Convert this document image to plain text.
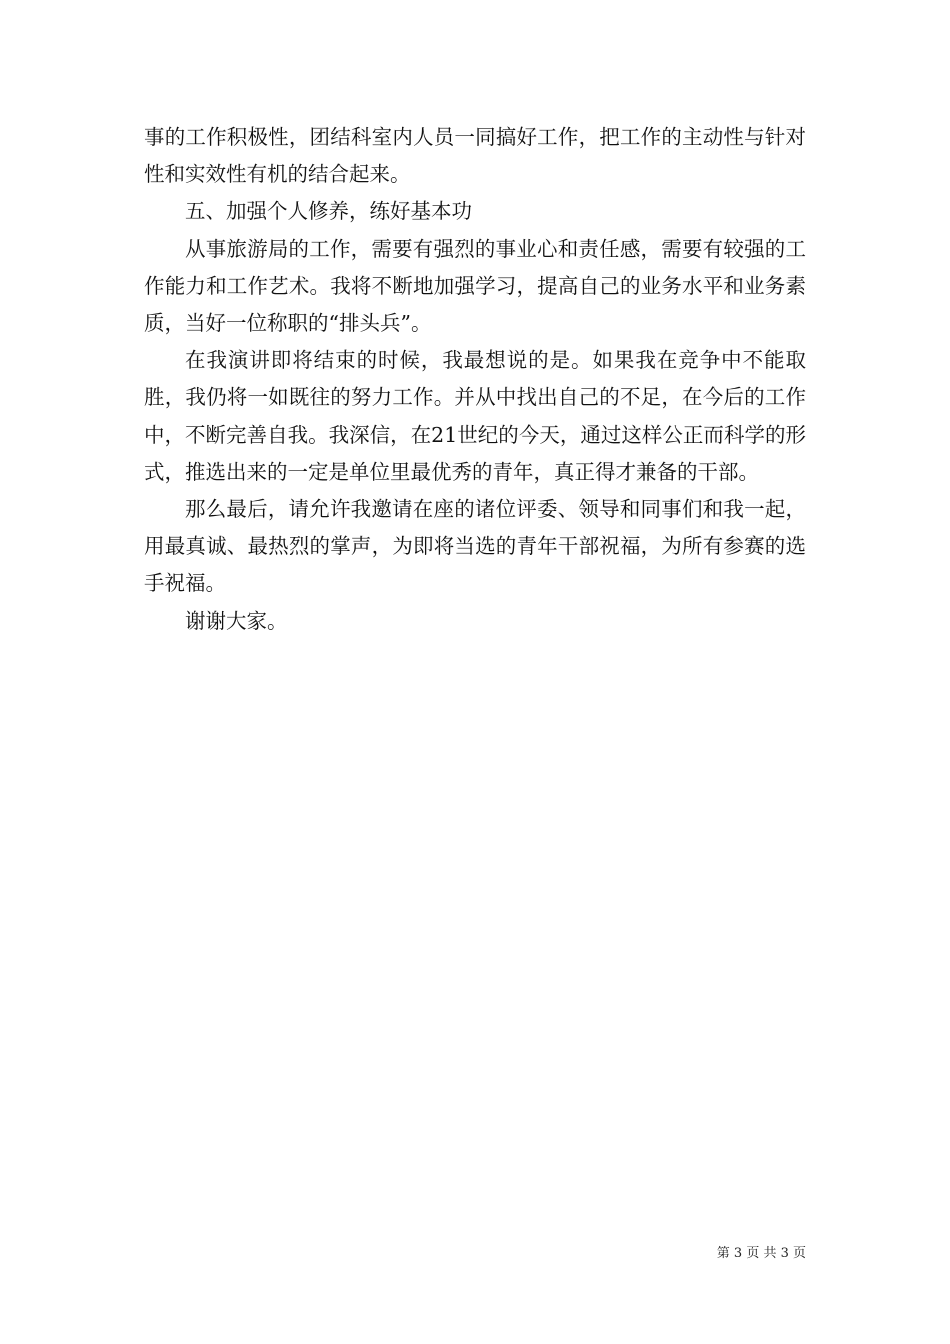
事的工作积极性，团结科室内人员一同搞好工作，把工作的主动性与针对性和实效性有机的结合起来。

五、加强个人修养，练好基本功

从事旅游局的工作，需要有强烈的事业心和责任感，需要有较强的工作能力和工作艺术。我将不断地加强学习，提高自己的业务水平和业务素质，当好一位称职的“排头兵”。

在我演讲即将结束的时候，我最想说的是。如果我在竞争中不能取胜，我仍将一如既往的努力工作。并从中找出自己的不足，在今后的工作中，不断完善自我。我深信，在21世纪的今天，通过这样公正而科学的形式，推选出来的一定是单位里最优秀的青年，真正得才兼备的干部。

那么最后，请允许我邀请在座的诸位评委、领导和同事们和我一起，用最真诚、最热烈的掌声，为即将当选的青年干部祝福，为所有参赛的选手祝福。

谢谢大家。

第 3 页 共 3 页
